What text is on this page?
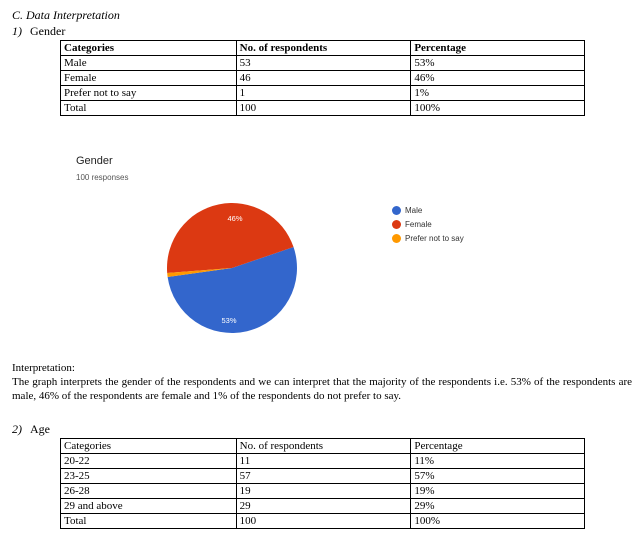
C. Data Interpretation
1) Gender
Categories	No. of respondents	Percentage
Male	53	53%
Female	46	46%
Prefer not to say	1	1%
Total	100	100%
Gender
100 responses
46%
53%
Male
Female
Prefer not to say
Interpretation:
The graph interprets the gender of the respondents and we can interpret that the majority of the respondents i.e. 53% of the respondents are male, 46% of the respondents are female and 1% of the respondents do not prefer to say.
2) Age
Categories	No. of respondents	Percentage
20-22	11	11%
23-25	57	57%
26-28	19	19%
29 and above	29	29%
Total	100	100%
